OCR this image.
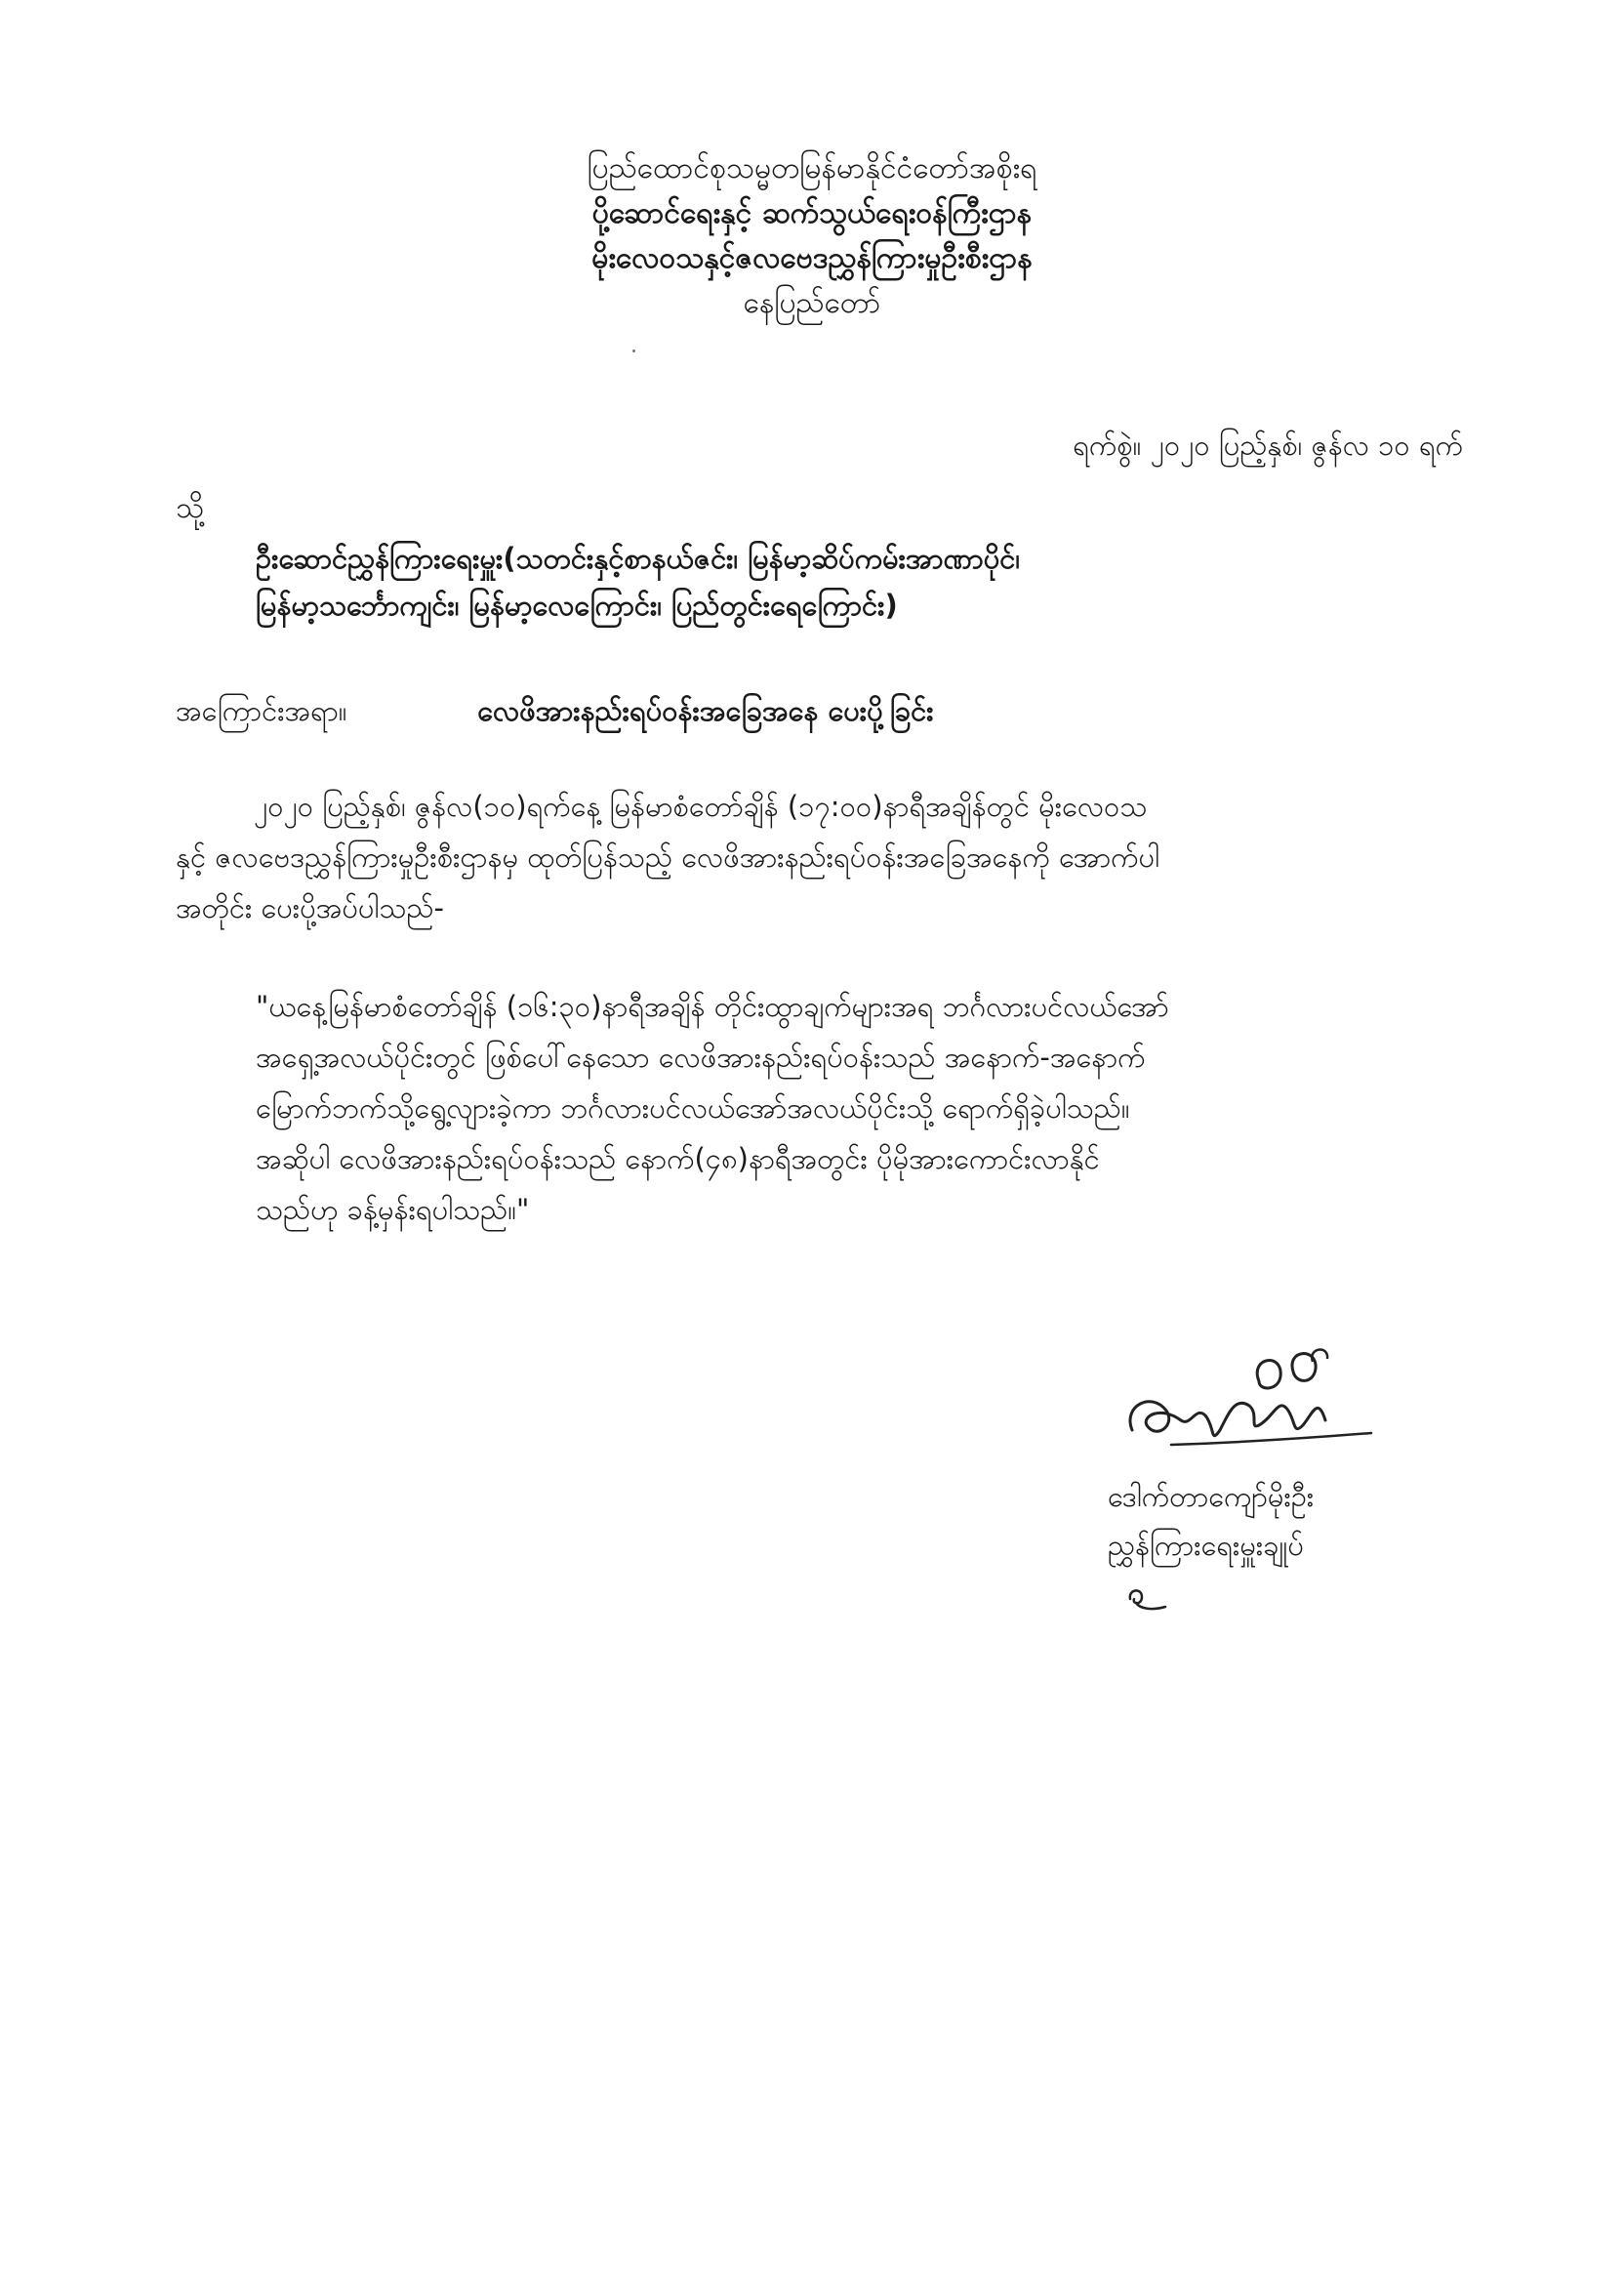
ပြည်ထောင်စုသမ္မတမြန်မာနိုင်ငံတော်အစိုးရ
ပို့ဆောင်ရေးနှင့် ဆက်သွယ်ရေးဝန်ကြီးဌာန
မိုးလေဝသနှင့်ဇလဗေဒညွှန်ကြားမှုဦးစီးဌာန
နေပြည်တော်
ရက်စွဲ။ ၂၀၂၀ ပြည့်နှစ်၊ ဇွန်လ ၁၀ ရက်
သို့
ဦးဆောင်ညွှန်ကြားရေးမှူး(သတင်းနှင့်စာနယ်ဇင်း၊ မြန်မာ့ဆိပ်ကမ်းအာဏာပိုင်၊
မြန်မာ့သင်္ဘောကျင်း၊ မြန်မာ့လေကြောင်း၊ ပြည်တွင်းရေကြောင်း)
အကြောင်းအရာ။	လေဖိအားနည်းရပ်ဝန်းအခြေအနေ ပေးပို့ခြင်း
၂၀၂၀ ပြည့်နှစ်၊ ဇွန်လ(၁၀)ရက်နေ့ မြန်မာစံတော်ချိန် (၁၇:၀၀)နာရီအချိန်တွင် မိုးလေဝသ
နှင့် ဇလဗေဒညွှန်ကြားမှုဦးစီးဌာနမှ ထုတ်ပြန်သည့် လေဖိအားနည်းရပ်ဝန်းအခြေအနေကို အောက်ပါ
အတိုင်း ပေးပို့အပ်ပါသည်-
"ယနေ့မြန်မာစံတော်ချိန် (၁၆:၃၀)နာရီအချိန် တိုင်းထွာချက်များအရ ဘင်္ဂလားပင်လယ်အော်
အရှေ့အလယ်ပိုင်းတွင် ဖြစ်ပေါ်နေသော လေဖိအားနည်းရပ်ဝန်းသည် အနောက်-အနောက်
မြောက်ဘက်သို့ရွေ့လျားခဲ့ကာ ဘင်္ဂလားပင်လယ်အော်အလယ်ပိုင်းသို့ ရောက်ရှိခဲ့ပါသည်။
အဆိုပါ လေဖိအားနည်းရပ်ဝန်းသည် နောက်(၄၈)နာရီအတွင်း ပိုမိုအားကောင်းလာနိုင်
သည်ဟု ခန့်မှန်းရပါသည်။"
ဒေါက်တာကျော်မိုးဦး
ညွှန်ကြားရေးမှူးချုပ်
